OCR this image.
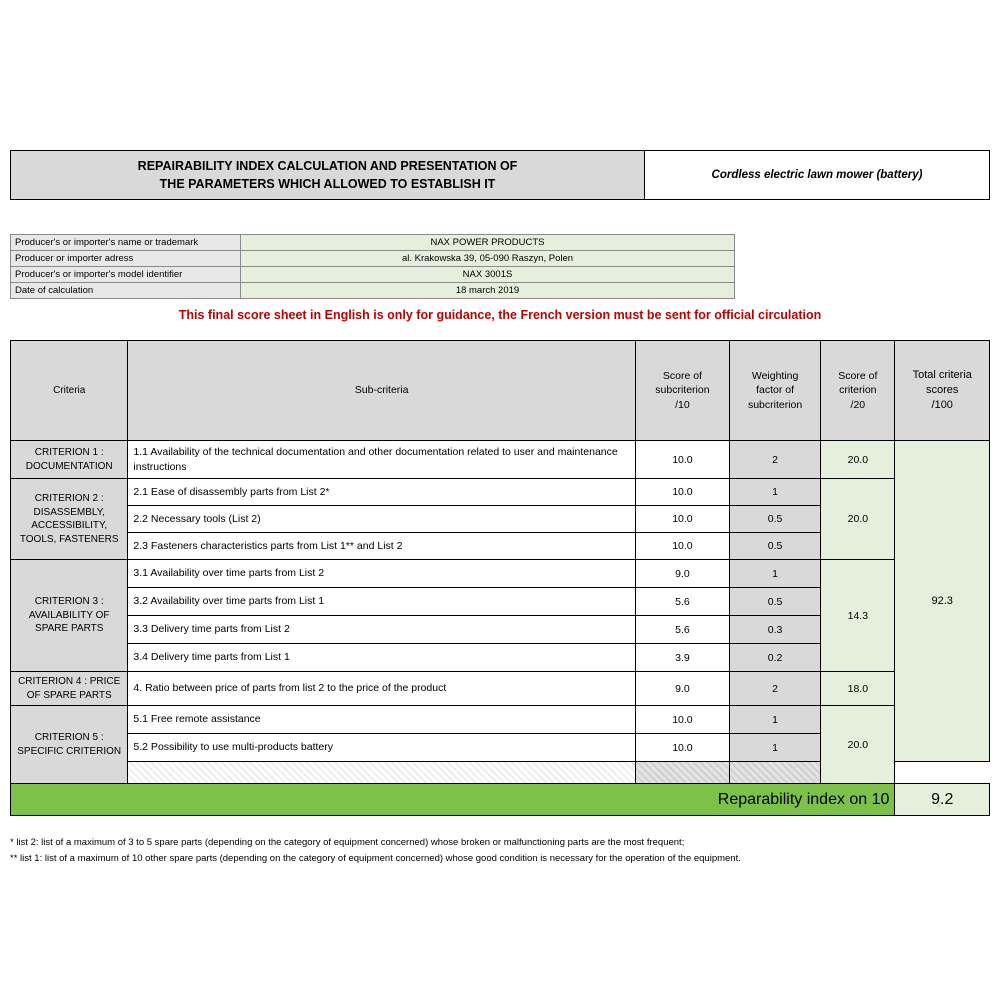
REPAIRABILITY INDEX CALCULATION AND PRESENTATION OF
THE PARAMETERS WHICH ALLOWED TO ESTABLISH IT
Cordless electric lawn mower (battery)
Producer's or importer's name or trademark	NAX POWER PRODUCTS
Producer or importer adress	al. Krakowska 39, 05-090 Raszyn, Polen
Producer's or importer's model identifier	NAX 3001S
Date of calculation	18 march 2019
This final score sheet in English is only for guidance, the French version must be sent for official circulation
Criteria	Sub-criteria	Score of
subcriterion
/10	Weighting
factor of
subcriterion	Score of
criterion
/20	Total criteria
scores
/100

CRITERION 1 : DOCUMENTATION	1.1 Availability of the technical documentation and other documentation related to user and maintenance instructions	10.0	2	20.0	92.3
CRITERION 2 : DISASSEMBLY, ACCESSIBILITY, TOOLS, FASTENERS	2.1 Ease of disassembly parts from List 2*	10.0	1	20.0	
	2.2 Necessary tools (List 2)	10.0	0.5		
	2.3 Fasteners characteristics parts from List 1** and List 2	10.0	0.5		
CRITERION 3 : AVAILABILITY OF SPARE PARTS	3.1 Availability over time parts from List 2	9.0	1	14.3	
	3.2 Availability over time parts from List 1	5.6	0.5		
	3.3 Delivery time parts from List 2	5.6	0.3		
	3.4 Delivery time parts from List 1	3.9	0.2		
CRITERION 4 : PRICE OF SPARE PARTS	4. Ratio between price of parts from list 2 to the price of the product	9.0	2	18.0	
CRITERION 5 : SPECIFIC CRITERION	5.1 Free remote assistance	10.0	1	20.0	
	5.2 Possibility to use multi-products battery	10.0	1		

Reparability index on 10					9.2
* list 2: list of a maximum of 3 to 5 spare parts (depending on the category of equipment concerned) whose broken or malfunctioning parts are the most frequent;
** list 1: list of a maximum of 10 other spare parts (depending on the category of equipment concerned) whose good condition is necessary for the operation of the equipment.
